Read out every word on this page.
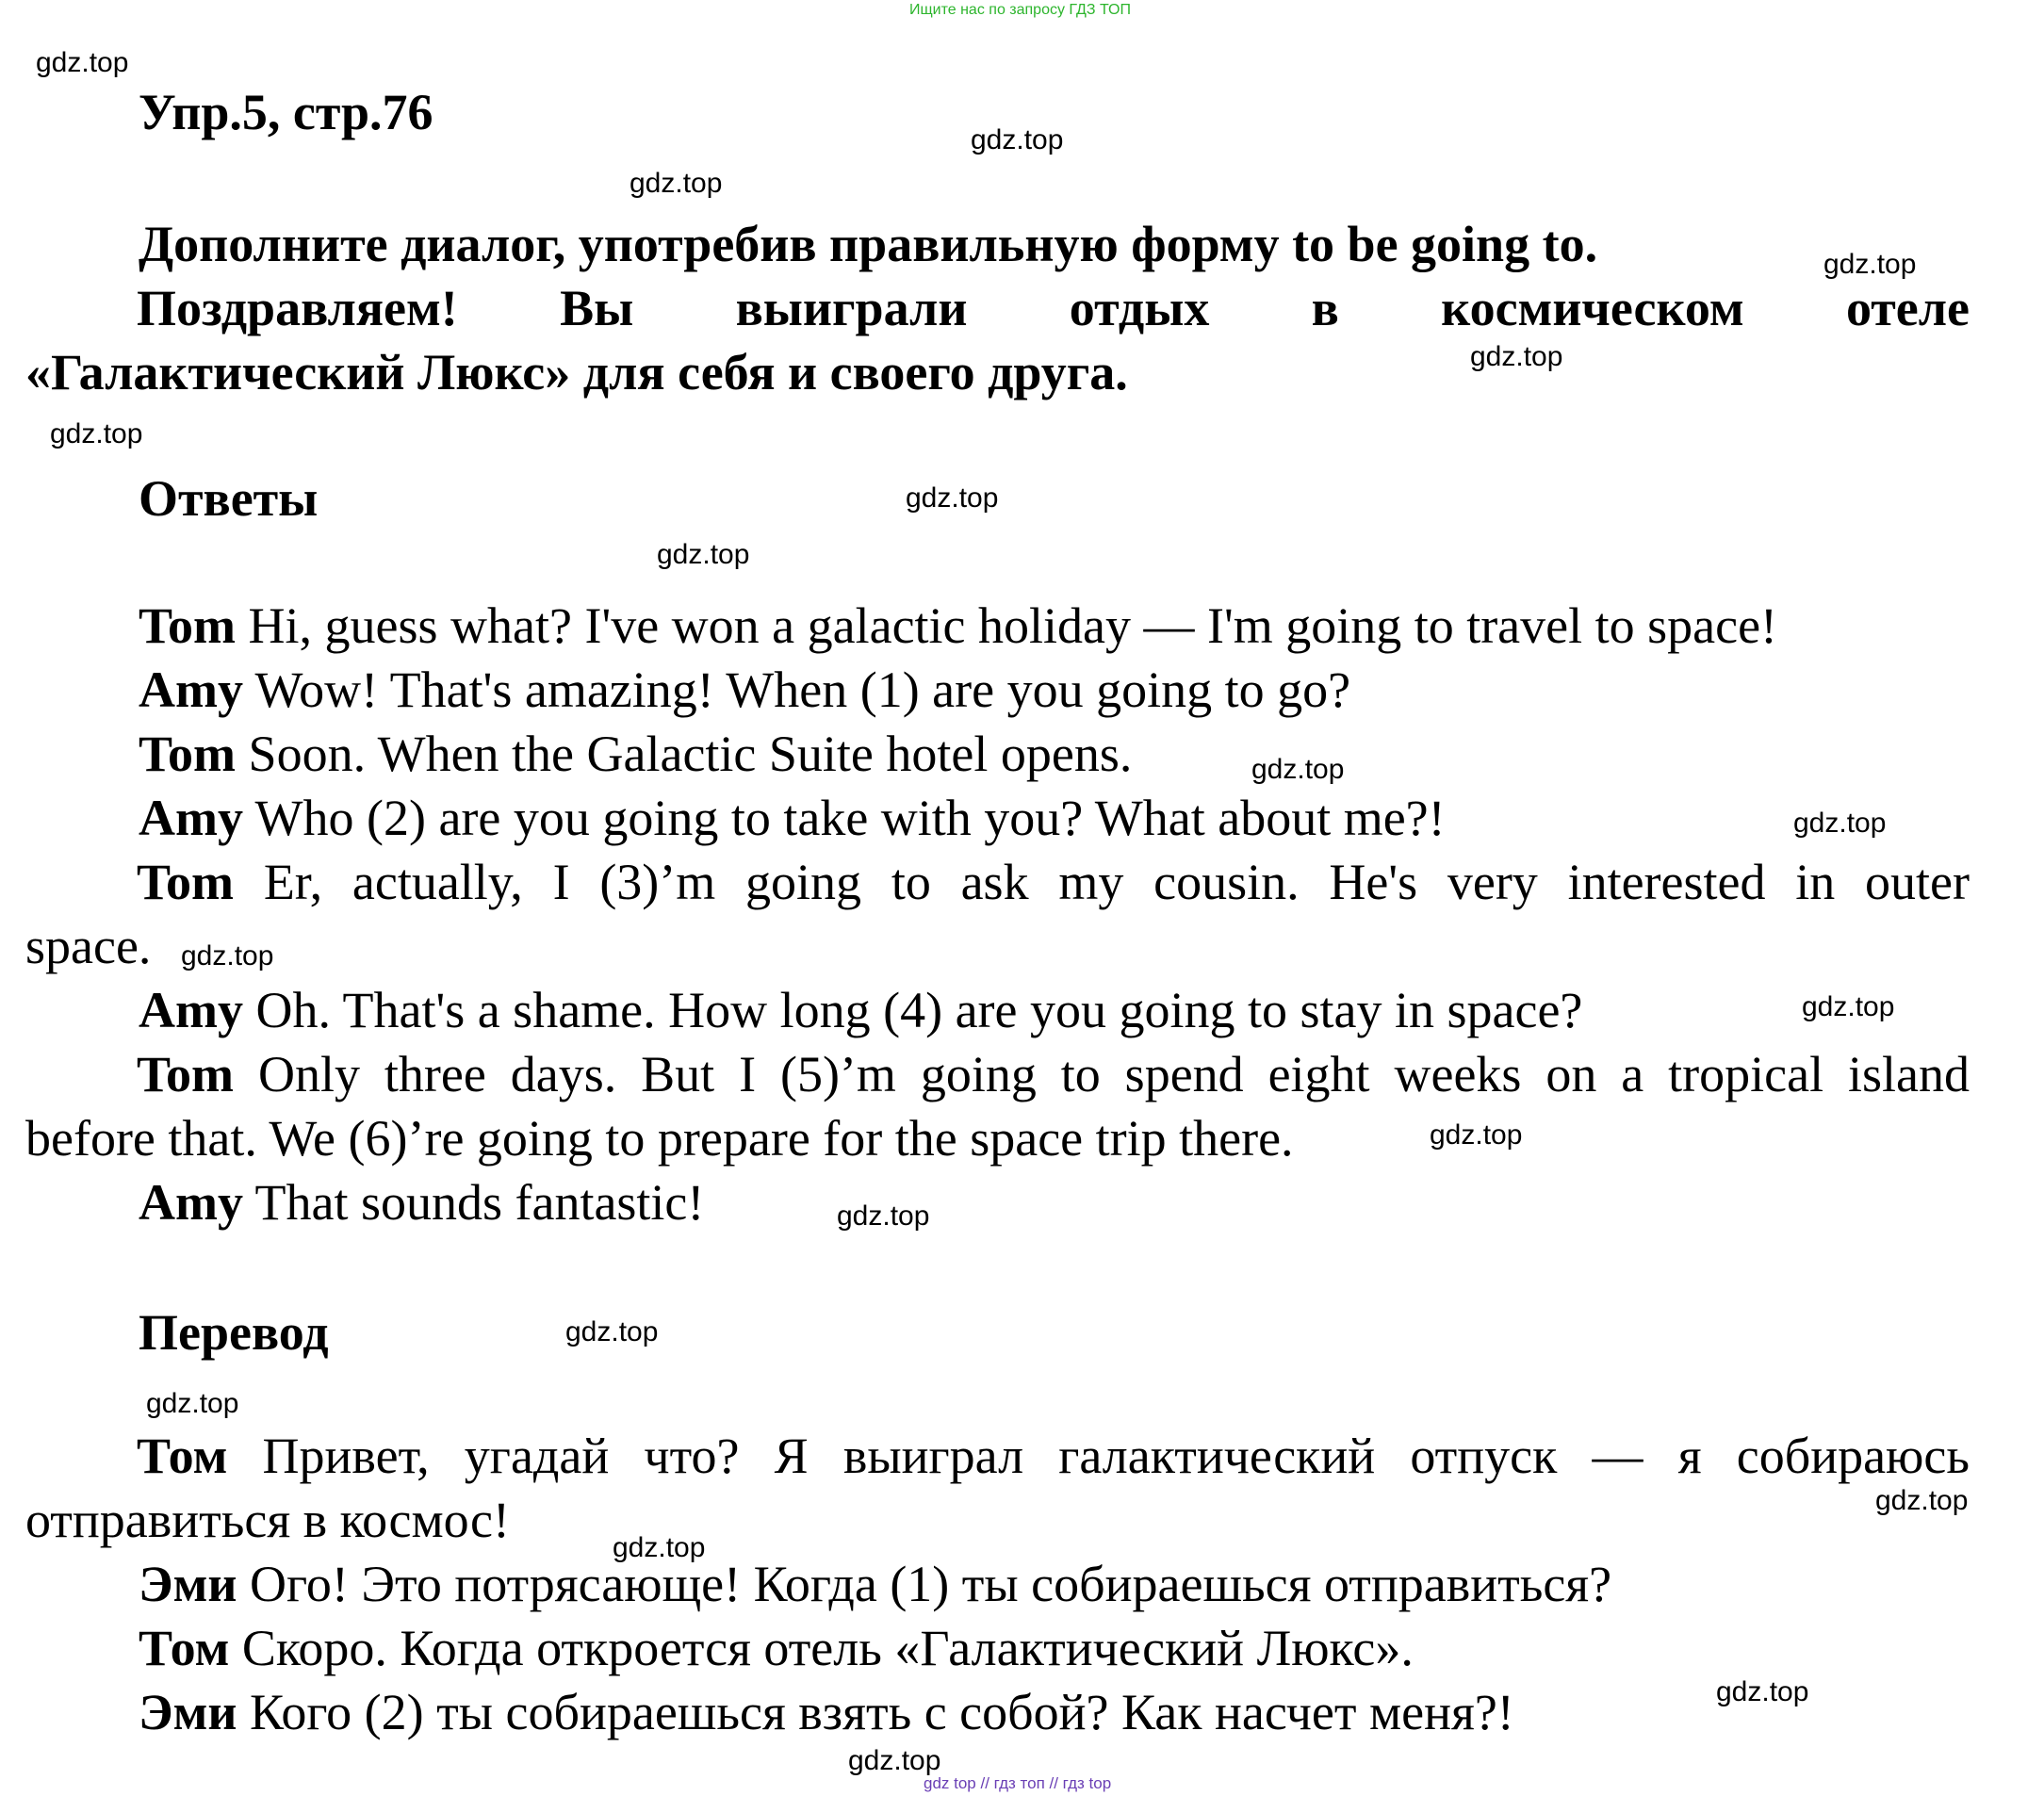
Ищите нас по запросу ГДЗ ТОП
gdz top // гдз топ // гдз top
gdz.top
gdz.top
gdz.top
gdz.top
gdz.top
gdz.top
gdz.top
gdz.top
gdz.top
gdz.top
gdz.top
gdz.top
gdz.top
gdz.top
gdz.top
gdz.top
gdz.top
gdz.top
gdz.top
gdz.top
Упр.5, стр.76
Дополните диалог, употребив правильную форму to be going to.
Поздравляем! Вы выиграли отдых в космическом отеле
«Галактический Люкс» для себя и своего друга.
Ответы
Tom Hi, guess what? I've won a galactic holiday — I'm going to travel to space!
Amy Wow! That's amazing! When (1) are you going to go?
Tom Soon. When the Galactic Suite hotel opens.
Amy Who (2) are you going to take with you? What about me?!
Tom Er, actually, I (3)’m going to ask my cousin. He's very interested in outer
space.
Amy Oh. That's a shame. How long (4) are you going to stay in space?
Tom Only three days. But I (5)’m going to spend eight weeks on a tropical island
before that. We (6)’re going to prepare for the space trip there.
Amy That sounds fantastic!
Перевод
Том Привет, угадай что? Я выиграл галактический отпуск — я собираюсь
отправиться в космос!
Эми Ого! Это потрясающе! Когда (1) ты собираешься отправиться?
Том Скоро. Когда откроется отель «Галактический Люкс».
Эми Кого (2) ты собираешься взять с собой? Как насчет меня?!
